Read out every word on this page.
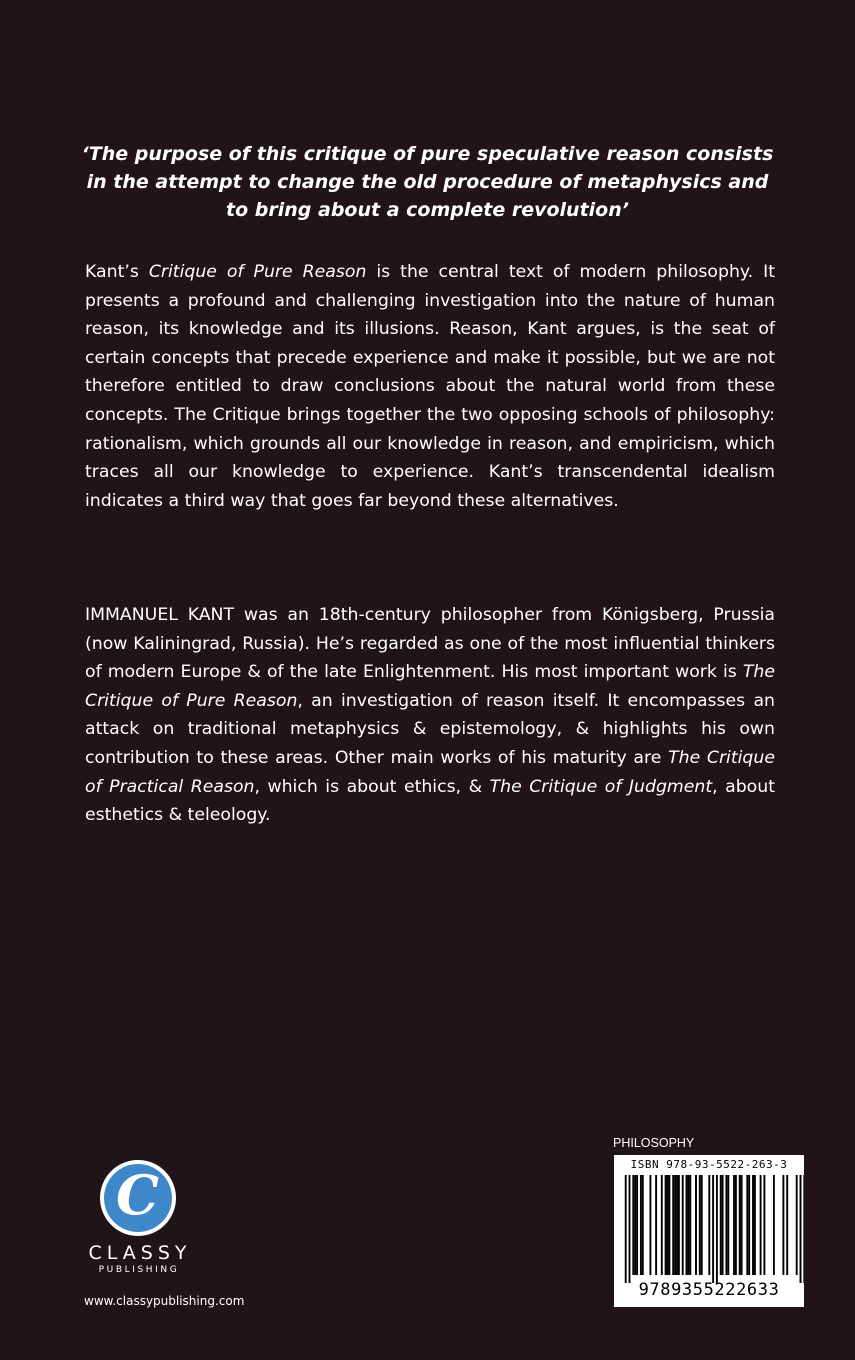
‘The purpose of this critique of pure speculative reason consists
in the attempt to change the old procedure of metaphysics and
to bring about a complete revolution’
Kant’s Critique of Pure Reason is the central text of modern philosophy. It presents a profound and challenging investigation into the nature of human reason, its knowledge and its illusions. Reason, Kant argues, is the seat of certain concepts that precede experience and make it possible, but we are not therefore entitled to draw conclusions about the natural world from these concepts. The Critique brings together the two opposing schools of philosophy: rationalism, which grounds all our knowledge in reason, and empiricism, which traces all our knowledge to experience. Kant’s transcendental idealism indicates a third way that goes far beyond these alternatives.
IMMANUEL KANT was an 18th-century philosopher from Königsberg, Prussia (now Kaliningrad, Russia). He’s regarded as one of the most influential thinkers of modern Europe & of the late Enlightenment. His most important work is The Critique of Pure Reason, an investigation of reason itself. It encompasses an attack on traditional metaphysics & epistemology, & highlights his own contribution to these areas. Other main works of his maturity are The Critique of Practical Reason, which is about ethics, & The Critique of Judgment, about esthetics & teleology.
C
CLASSY
PUBLISHING
www.classypublishing.com
PHILOSOPHY
ISBN 978-93-5522-263-3
9789355222633
